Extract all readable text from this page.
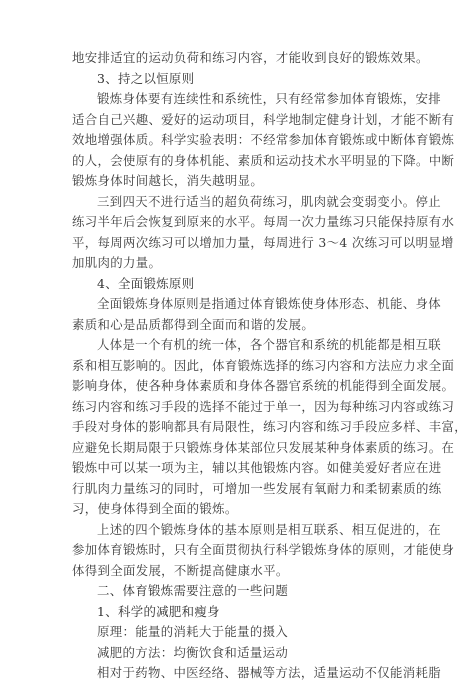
地安排适宜的运动负荷和练习内容，才能收到良好的锻炼效果。
3、持之以恒原则
锻炼身体要有连续性和系统性，只有经常参加体育锻炼，安排
适合自己兴趣、爱好的运动项目，科学地制定健身计划，才能不断有
效地增强体质。科学实验表明：不经常参加体育锻炼或中断体育锻炼
的人，会使原有的身体机能、素质和运动技术水平明显的下降。中断
锻炼身体时间越长，消失越明显。
三到四天不进行适当的超负荷练习，肌肉就会变弱变小。停止
练习半年后会恢复到原来的水平。每周一次力量练习只能保持原有水
平，每周两次练习可以增加力量，每周进行 3～4 次练习可以明显增
加肌肉的力量。
4、全面锻炼原则
全面锻炼身体原则是指通过体育锻炼使身体形态、机能、身体
素质和心是品质都得到全面而和谐的发展。
人体是一个有机的统一体，各个器官和系统的机能都是相互联
系和相互影响的。因此，体育锻炼选择的练习内容和方法应力求全面
影响身体，使各种身体素质和身体各器官系统的机能得到全面发展。
练习内容和练习手段的选择不能过于单一，因为每种练习内容或练习
手段对身体的影响都具有局限性，练习内容和练习手段应多样、丰富，
应避免长期局限于只锻炼身体某部位只发展某种身体素质的练习。在
锻炼中可以某一项为主，辅以其他锻炼内容。如健美爱好者应在进
行肌肉力量练习的同时，可增加一些发展有氧耐力和柔韧素质的练
习，使身体得到全面的锻炼。
上述的四个锻炼身体的基本原则是相互联系、相互促进的，在
参加体育锻炼时，只有全面贯彻执行科学锻炼身体的原则，才能使身
体得到全面发展，不断提高健康水平。
二、体育锻炼需要注意的一些问题
1、科学的减肥和瘦身
原理：能量的消耗大于能量的摄入
减肥的方法：均衡饮食和适量运动
相对于药物、中医经络、器械等方法，适量运动不仅能消耗脂
